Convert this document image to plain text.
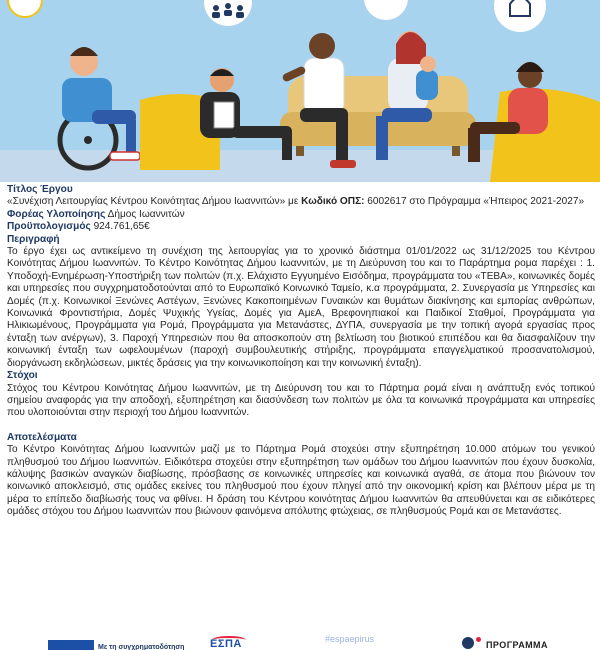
Τίτλος Έργου

«Συνέχιση Λειτουργίας Κέντρου Κοινότητας Δήμου Ιωαννιτών» με Κωδικό ΟΠΣ: 6002617 στο Πρόγραμμα «Ήπειρος 2021-2027»

Φορέας Υλοποίησης Δήμος Ιωαννιτών

Προϋπολογισμός 924.761,65€

Περιγραφή

Το έργο έχει ως αντικείμενο τη συνέχιση της λειτουργίας για το χρονικό διάστημα 01/01/2022 ως 31/12/2025 του Κέντρου Κοινότητας Δήμου Ιωαννιτών. Το Κέντρο Κοινότητας Δήμου Ιωαννιτών, με τη Διεύρυνση του και το Παράρτημα ρομα παρέχει : 1. Υποδοχή-Ενημέρωση-Υποστήριξη των πολιτών (π.χ. Ελάχιστο Εγγυημένο Εισόδημα, προγράμματα του «ΤΕΒΑ», κοινωνικές δομές και υπηρεσίες που συγχρηματοδοτούνται από το Ευρωπαϊκό Κοινωνικό Ταμείο, κ.α προγράμματα, 2. Συνεργασία με Υπηρεσίες και Δομές (π.χ. Κοινωνικοί Ξενώνες Αστέγων, Ξενώνες Κακοποιημένων Γυναικών και θυμάτων διακίνησης και εμπορίας ανθρώπων, Κοινωνικά Φροντιστήρια, Δομές Ψυχικής Υγείας, Δομές για ΑμεΑ, Βρεφονηπιακοί και Παιδικοί Σταθμοί, Προγράμματα για Ηλικιωμένους, Προγράμματα για Ρομά, Προγράμματα για Μετανάστες, ΔΥΠΑ, συνεργασία με την τοπική αγορά εργασίας προς ένταξη των ανέργων), 3. Παροχή Υπηρεσιών που θα αποσκοπούν στη βελτίωση του βιοτικού επιπέδου και θα διασφαλίζουν την κοινωνική ένταξη των ωφελουμένων (παροχή συμβουλευτικής στήριξης, προγράμματα επαγγελματικού προσανατολισμού, διοργάνωση εκδηλώσεων, μικτές δράσεις για την κοινωνικοποίηση και την κοινωνική ένταξη).

Στόχοι

Στόχος του Κέντρου Κοινότητας Δήμου Ιωαννιτών, με τη Διεύρυνση του και το Πάρτημα ρομά είναι η ανάπτυξη ενός τοπικού σημείου αναφοράς για την αποδοχή, εξυπηρέτηση και διασύνδεση των πολιτών με όλα τα κοινωνικά προγράμματα και υπηρεσίες που υλοποιούνται στην περιοχή του Δήμου Ιωαννιτών.

Αποτελέσματα

Το Κέντρο Κοινότητας Δήμου Ιωαννιτών μαζί με το Πάρτημα Ρομά στοχεύει στην εξυπηρέτηση 10.000 ατόμων του γενικού πληθυσμού του Δήμου Ιωαννιτών. Ειδικότερα στοχεύει στην εξυπηρέτηση των ομάδων του Δήμου Ιωαννιτών που έχουν δυσκολία, κάλυψης βασικών αναγκών διαβίωσης, πρόσβασης σε κοινωνικές υπηρεσίες και κοινωνικά αγαθά, σε άτομα που βιώνουν τον κοινωνικό αποκλεισμό, στις ομάδες εκείνες του πληθυσμού που έχουν πληγεί από την οικονομική κρίση και βλέπουν μέρα με τη μέρα το επίπεδο διαβίωσής τους να φθίνει. Η δράση του Κέντρου κοινότητας Δήμου Ιωαννιτών θα απευθύνεται και σε ειδικότερες ομάδες στόχου του Δήμου Ιωαννιτών που βιώνουν φαινόμενα απόλυτης φτώχειας, σε πληθυσμούς Ρομά και σε Μετανάστες.

Με τη συγχρηματοδότηση ΕΣΠΑ	#espaepirus
ΠΡΟΓΡΑΜΜΑ
